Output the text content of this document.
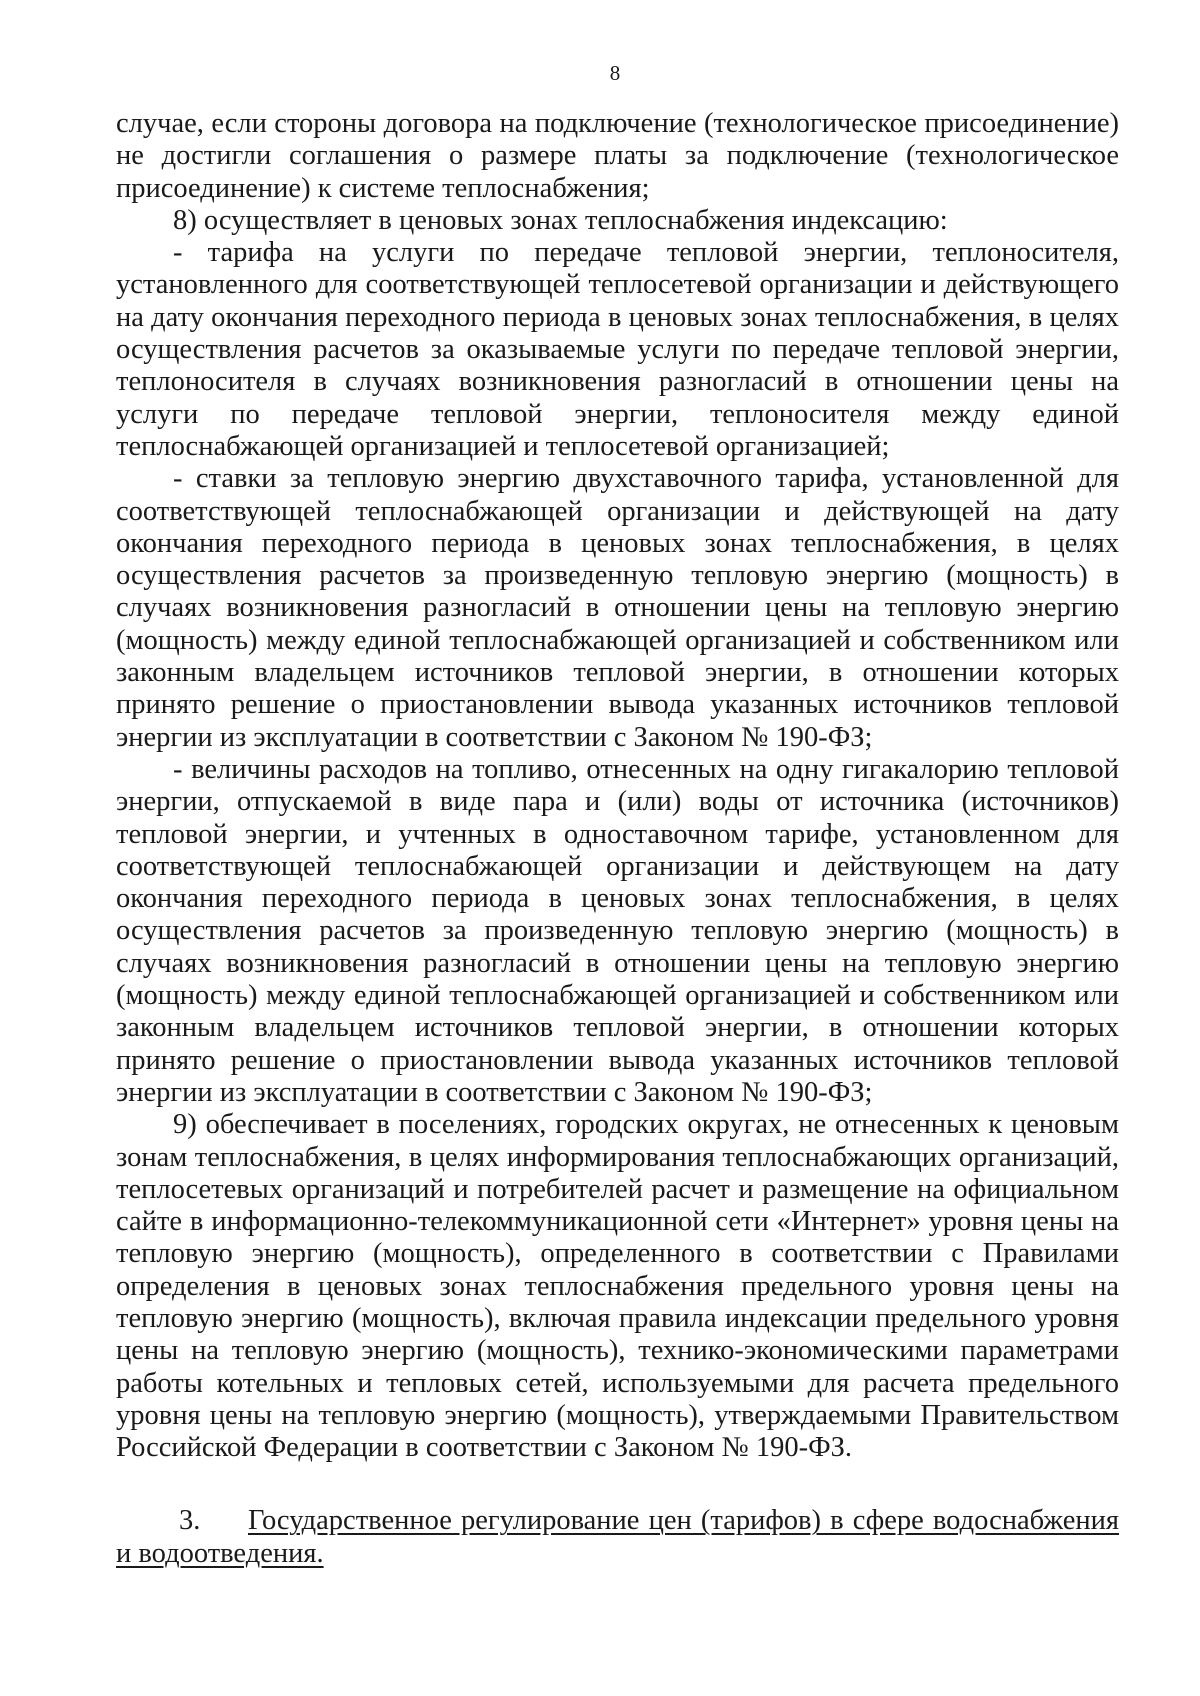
8

случае, если стороны договора на подключение (технологическое присоединение) не достигли соглашения о размере платы за подключение (технологическое присоединение) к системе теплоснабжения;

8) осуществляет в ценовых зонах теплоснабжения индексацию:

- тарифа на услуги по передаче тепловой энергии, теплоносителя, установленного для соответствующей теплосетевой организации и действующего на дату окончания переходного периода в ценовых зонах теплоснабжения, в целях осуществления расчетов за оказываемые услуги по передаче тепловой энергии, теплоносителя в случаях возникновения разногласий в отношении цены на услуги по передаче тепловой энергии, теплоносителя между единой теплоснабжающей организацией и теплосетевой организацией;

- ставки за тепловую энергию двухставочного тарифа, установленной для соответствующей теплоснабжающей организации и действующей на дату окончания переходного периода в ценовых зонах теплоснабжения, в целях осуществления расчетов за произведенную тепловую энергию (мощность) в случаях возникновения разногласий в отношении цены на тепловую энергию (мощность) между единой теплоснабжающей организацией и собственником или законным владельцем источников тепловой энергии, в отношении которых принято решение о приостановлении вывода указанных источников тепловой энергии из эксплуатации в соответствии с Законом № 190-ФЗ;

- величины расходов на топливо, отнесенных на одну гигакалорию тепловой энергии, отпускаемой в виде пара и (или) воды от источника (источников) тепловой энергии, и учтенных в одноставочном тарифе, установленном для соответствующей теплоснабжающей организации и действующем на дату окончания переходного периода в ценовых зонах теплоснабжения, в целях осуществления расчетов за произведенную тепловую энергию (мощность) в случаях возникновения разногласий в отношении цены на тепловую энергию (мощность) между единой теплоснабжающей организацией и собственником или законным владельцем источников тепловой энергии, в отношении которых принято решение о приостановлении вывода указанных источников тепловой энергии из эксплуатации в соответствии с Законом № 190-ФЗ;

9) обеспечивает в поселениях, городских округах, не отнесенных к ценовым зонам теплоснабжения, в целях информирования теплоснабжающих организаций, теплосетевых организаций и потребителей расчет и размещение на официальном сайте в информационно-телекоммуникационной сети «Интернет» уровня цены на тепловую энергию (мощность), определенного в соответствии с Правилами определения в ценовых зонах теплоснабжения предельного уровня цены на тепловую энергию (мощность), включая правила индексации предельного уровня цены на тепловую энергию (мощность), технико-экономическими параметрами работы котельных и тепловых сетей, используемыми для расчета предельного уровня цены на тепловую энергию (мощность), утверждаемыми Правительством Российской Федерации в соответствии с Законом № 190-ФЗ.

3. Государственное регулирование цен (тарифов) в сфере водоснабжения и водоотведения.
